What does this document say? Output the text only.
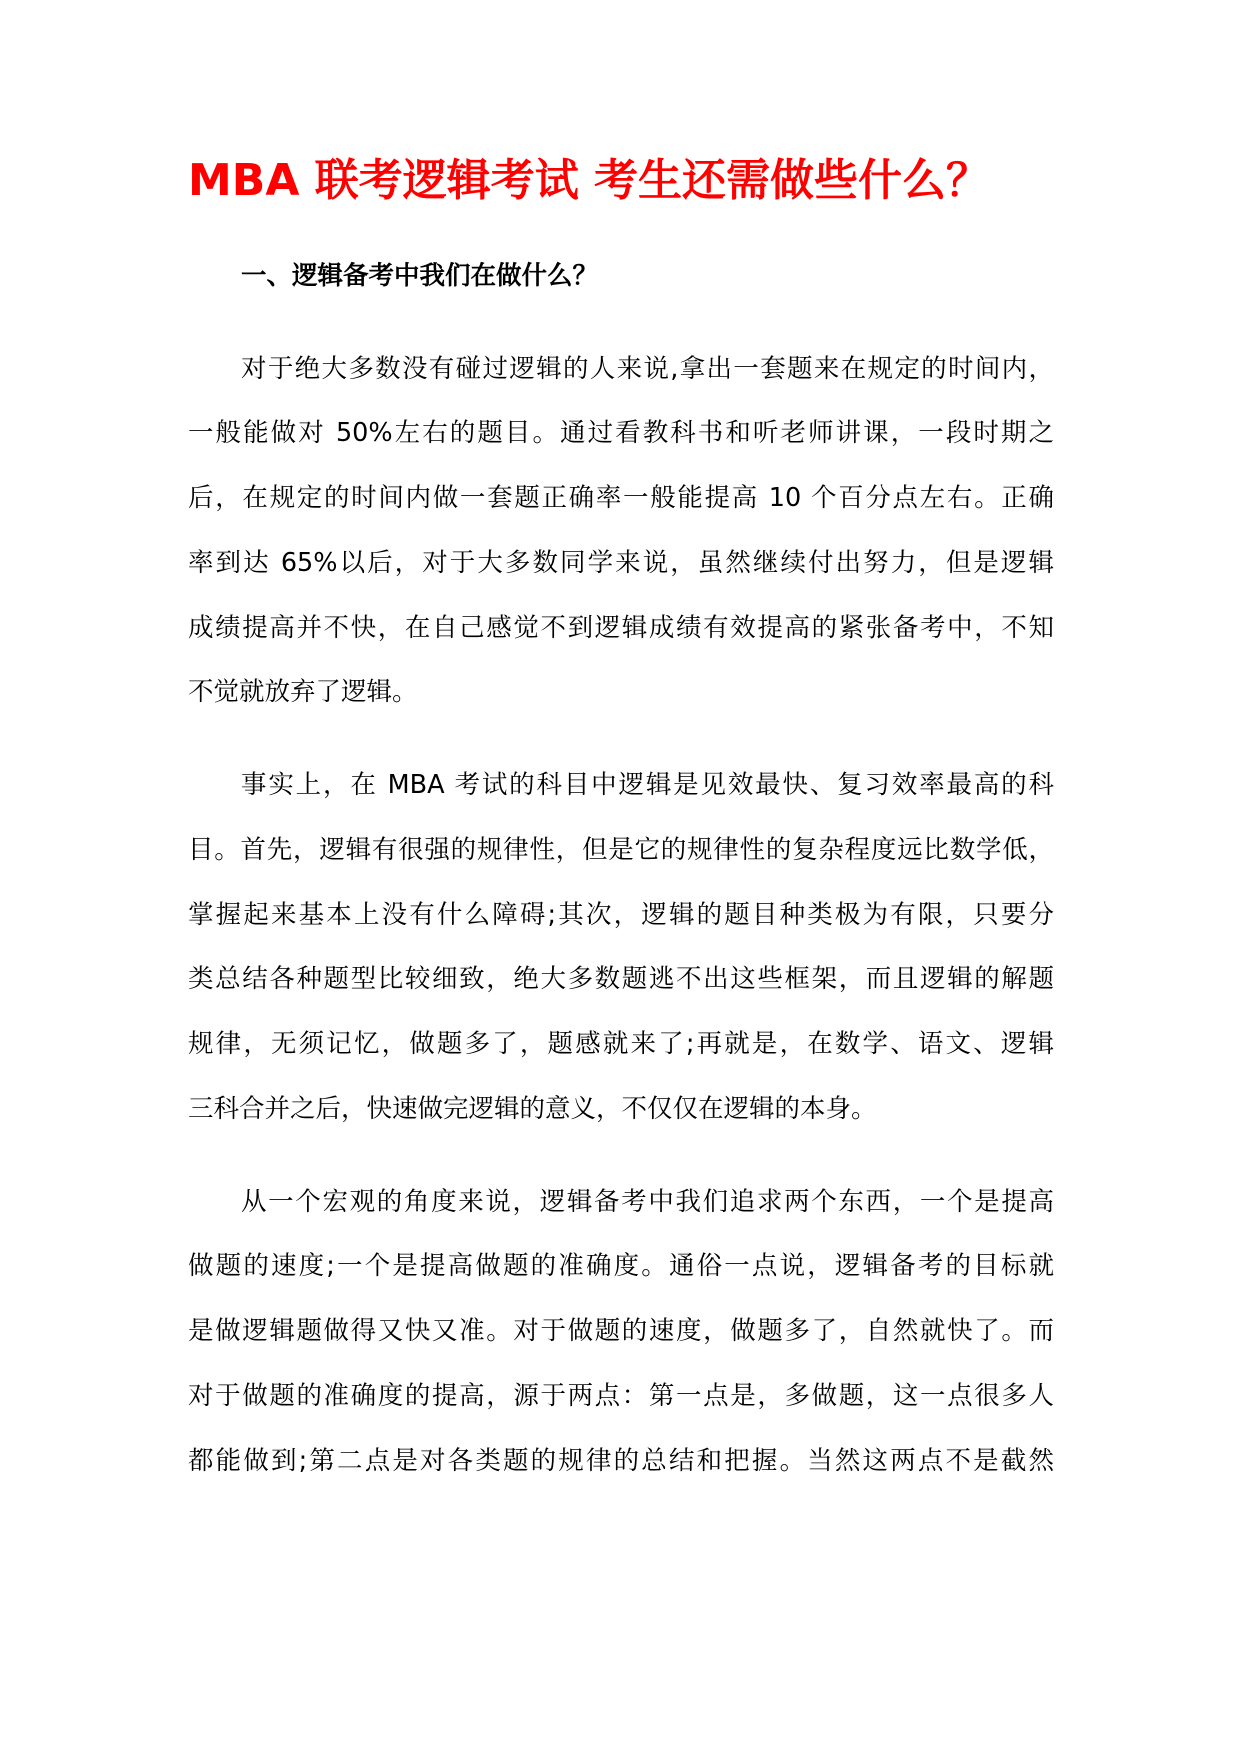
MBA 联考逻辑考试 考生还需做些什么？
一、逻辑备考中我们在做什么？
对于绝大多数没有碰过逻辑的人来说,拿出一套题来在规定的时间内，
一般能做对 50%左右的题目。通过看教科书和听老师讲课，一段时期之
后，在规定的时间内做一套题正确率一般能提高 10 个百分点左右。正确
率到达 65%以后，对于大多数同学来说，虽然继续付出努力，但是逻辑
成绩提高并不快，在自己感觉不到逻辑成绩有效提高的紧张备考中，不知
不觉就放弃了逻辑。
事实上，在 MBA 考试的科目中逻辑是见效最快、复习效率最高的科
目。首先，逻辑有很强的规律性，但是它的规律性的复杂程度远比数学低，
掌握起来基本上没有什么障碍;其次，逻辑的题目种类极为有限，只要分
类总结各种题型比较细致，绝大多数题逃不出这些框架，而且逻辑的解题
规律，无须记忆，做题多了，题感就来了;再就是，在数学、语文、逻辑
三科合并之后，快速做完逻辑的意义，不仅仅在逻辑的本身。
从一个宏观的角度来说，逻辑备考中我们追求两个东西，一个是提高
做题的速度;一个是提高做题的准确度。通俗一点说，逻辑备考的目标就
是做逻辑题做得又快又准。对于做题的速度，做题多了，自然就快了。而
对于做题的准确度的提高，源于两点：第一点是，多做题，这一点很多人
都能做到;第二点是对各类题的规律的总结和把握。当然这两点不是截然
